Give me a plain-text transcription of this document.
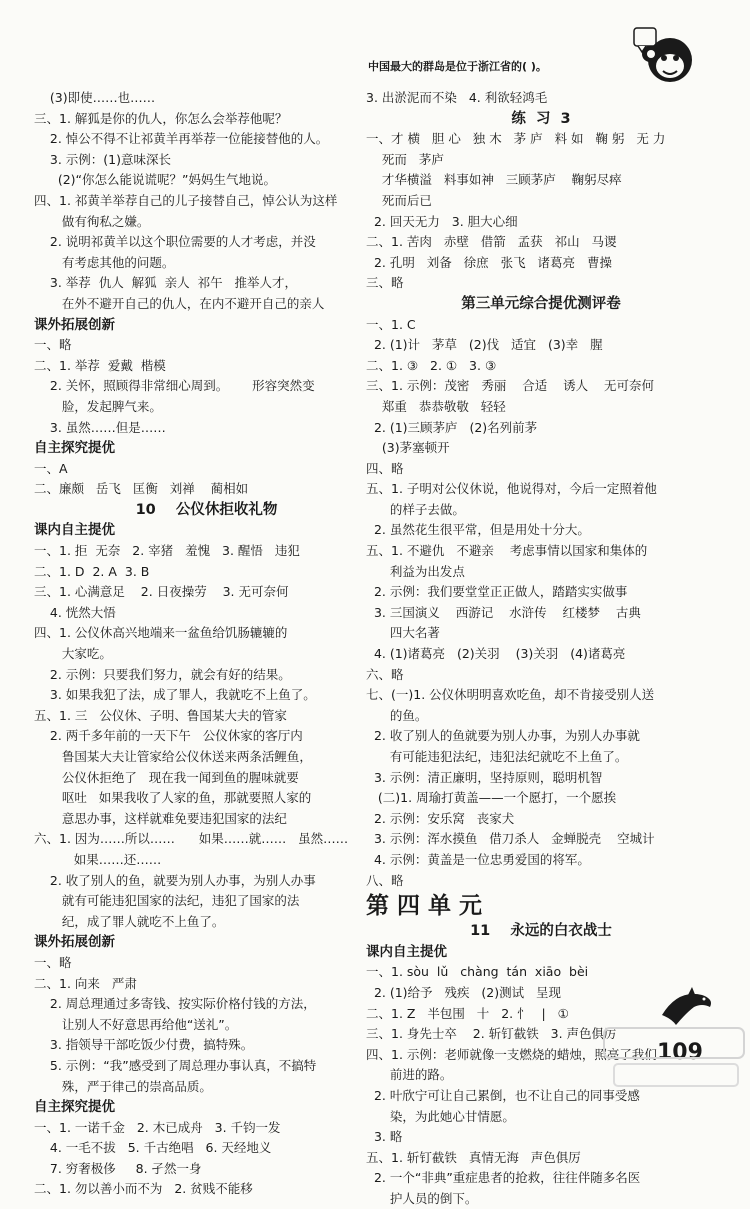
中国最大的群岛是位于浙江省的( )。
(3)即使……也……
三、1. 解狐是你的仇人，你怎么会举荐他呢？
2. 悼公不得不让祁黄羊再举荐一位能接替他的人。
3. 示例：(1)意味深长
(2)“你怎么能说谎呢？”妈妈生气地说。
四、1. 祁黄羊举荐自己的儿子接替自己，悼公认为这样
做有徇私之嫌。
2. 说明祁黄羊以这个职位需要的人才考虑，并没
有考虑其他的问题。
3. 举荐  仇人  解狐  亲人  祁午   推举人才，
在外不避开自己的仇人，在内不避开自己的亲人
课外拓展创新
一、略
二、1. 举荐  爱戴  楷模
2. 关怀，照顾得非常细心周到。      形容突然变
脸，发起脾气来。
3. 虽然……但是……
自主探究提优
一、A
二、廉颇   岳飞   匡衡   刘禅    蔺相如
10    公仪休拒收礼物
课内自主提优
一、1. 拒  无奈   2. 宰猪   羞愧   3. 醒悟   违犯
二、1. D  2. A  3. B
三、1. 心满意足    2. 日夜操劳    3. 无可奈何
4. 恍然大悟
四、1. 公仪休高兴地端来一盆鱼给饥肠辘辘的
大家吃。
2. 示例：只要我们努力，就会有好的结果。
3. 如果我犯了法，成了罪人，我就吃不上鱼了。
五、1. 三   公仪休、子明、鲁国某大夫的管家
2. 两千多年前的一天下午   公仪休家的客厅内
鲁国某大夫让管家给公仪休送来两条活鲤鱼，
公仪休拒绝了   现在我一闻到鱼的腥味就要
呕吐   如果我收了人家的鱼，那就要照人家的
意思办事，这样就难免要违犯国家的法纪
六、1. 因为……所以……      如果……就……   虽然……
如果……还……
2. 收了别人的鱼，就要为别人办事，为别人办事
就有可能违犯国家的法纪，违犯了国家的法
纪，成了罪人就吃不上鱼了。
课外拓展创新
一、略
二、1. 向来   严肃
2. 周总理通过多寄钱、按实际价格付钱的方法，
让别人不好意思再给他“送礼”。
3. 指领导干部吃饭少付费，搞特殊。
5. 示例：“我”感受到了周总理办事认真，不搞特
殊，严于律己的崇高品质。
自主探究提优
一、1. 一诺千金   2. 木已成舟   3. 千钧一发
4. 一毛不拔   5. 千古绝唱   6. 天经地义
7. 穷奢极侈     8. 孑然一身
二、1. 勿以善小而不为   2. 贫贱不能移
3. 出淤泥而不染   4. 利欲轻鸿毛
练  习  3
一、才 横   胆 心   独 木   茅 庐   料 如   鞠 躬   无 力
死而   茅庐
才华横溢   料事如神   三顾茅庐    鞠躬尽瘁
死而后已
2. 回天无力   3. 胆大心细
二、1. 苦肉   赤壁   借箭   孟获   祁山   马谡
2. 孔明   刘备   徐庶   张飞   诸葛亮   曹操
三、略
第三单元综合提优测评卷
一、1. C
2. (1)计   茅草   (2)伐   适宜   (3)幸   腥
二、1. ③   2. ①   3. ③
三、1. 示例：茂密   秀丽    合适    诱人    无可奈何
郑重   恭恭敬敬   轻轻
2. (1)三顾茅庐   (2)名列前茅
(3)茅塞顿开
四、略
五、1. 子明对公仪休说，他说得对，今后一定照着他
的样子去做。
2. 虽然花生很平常，但是用处十分大。
五、1. 不避仇   不避亲    考虑事情以国家和集体的
利益为出发点
2. 示例：我们要堂堂正正做人，踏踏实实做事
3. 三国演义    西游记    水浒传    红楼梦    古典
四大名著
4. (1)诸葛亮   (2)关羽    (3)关羽   (4)诸葛亮
六、略
七、(一)1. 公仪休明明喜欢吃鱼，却不肯接受别人送
的鱼。
2. 收了别人的鱼就要为别人办事，为别人办事就
有可能违犯法纪，违犯法纪就吃不上鱼了。
3. 示例：清正廉明，坚持原则，聪明机智
(二)1. 周瑜打黄盖——一个愿打，一个愿挨
2. 示例：安乐窝   丧家犬
3. 示例：浑水摸鱼   借刀杀人   金蝉脱壳    空城计
4. 示例：黄盖是一位忠勇爱国的将军。
八、略
第 四 单 元
11    永远的白衣战士
课内自主提优
一、1. sòu  lǔ   chàng  tán  xiāo  bèi
2. (1)给予   残疾   (2)测试   呈现
二、1. Z   半包围   十   2. 忄   |   ①
三、1. 身先士卒    2. 斩钉截铁   3. 声色俱厉
四、1. 示例：老师就像一支燃烧的蜡烛，照亮了我们
前进的路。
2. 叶欣宁可让自己累倒，也不让自己的同事受感
染，为此她心甘情愿。
3. 略
五、1. 斩钉截铁   真情无海   声色俱厉
2. 一个“非典”重症患者的抢救，往往伴随多名医
护人员的倒下。
109
